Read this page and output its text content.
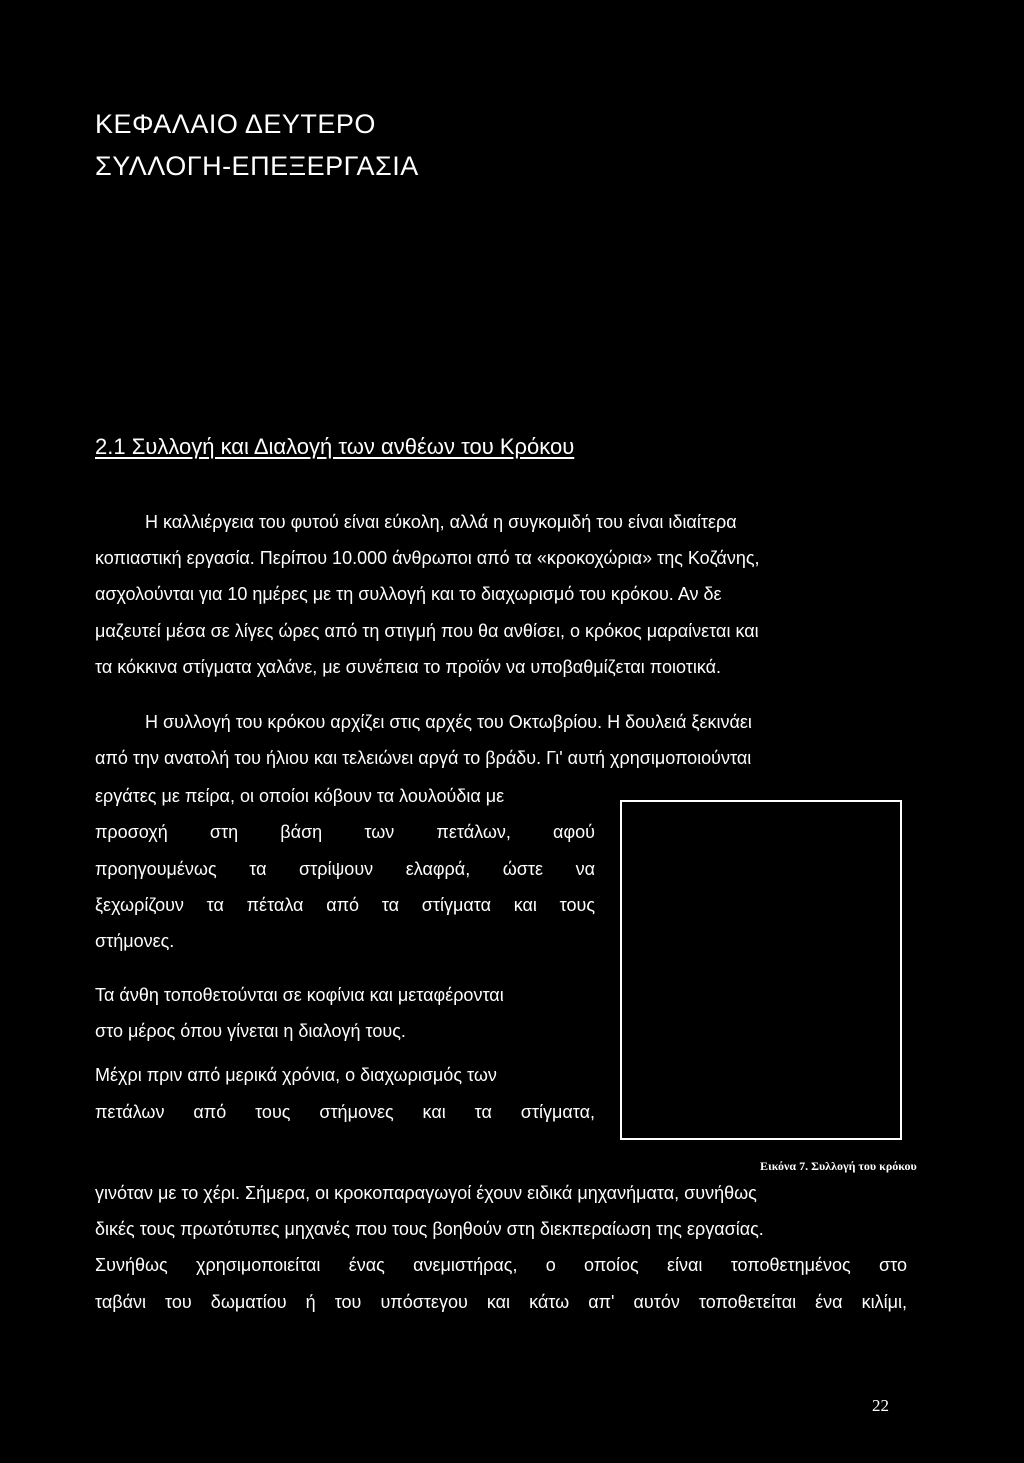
ΚΕΦΑΛΑΙΟ ΔΕΥΤΕΡΟ
ΣΥΛΛΟΓΗ-ΕΠΕΞΕΡΓΑΣΙΑ
2.1 Συλλογή και Διαλογή των ανθέων του Κρόκου
Η καλλιέργεια του φυτού είναι εύκολη, αλλά η συγκομιδή του είναι ιδιαίτερα
κοπιαστική εργασία. Περίπου 10.000 άνθρωποι από τα «κροκοχώρια» της Κοζάνης,
ασχολούνται για 10 ημέρες με τη συλλογή και το διαχωρισμό του κρόκου. Αν δε
μαζευτεί μέσα σε λίγες ώρες από τη στιγμή που θα ανθίσει, ο κρόκος μαραίνεται και
τα κόκκινα στίγματα χαλάνε, με συνέπεια το προϊόν να υποβαθμίζεται ποιοτικά.
Η συλλογή του κρόκου αρχίζει στις αρχές του Οκτωβρίου. Η δουλειά ξεκινάει
από την ανατολή του ήλιου και τελειώνει αργά το βράδυ. Γι' αυτή χρησιμοποιούνται
εργάτες με πείρα, οι οποίοι κόβουν τα λουλούδια με
προσοχή στη βάση των πετάλων, αφού
προηγουμένως τα στρίψουν ελαφρά, ώστε να
ξεχωρίζουν τα πέταλα από τα στίγματα και τους
στήμονες.
Τα άνθη τοποθετούνται σε κοφίνια και μεταφέρονται
στο μέρος όπου γίνεται η διαλογή τους.
Μέχρι πριν από μερικά χρόνια, ο διαχωρισμός των
πετάλων από τους στήμονες και τα στίγματα,
γινόταν με το χέρι. Σήμερα, οι κροκοπαραγωγοί έχουν ειδικά μηχανήματα, συνήθως
δικές τους πρωτότυπες μηχανές που τους βοηθούν στη διεκπεραίωση της εργασίας.
Συνήθως χρησιμοποιείται ένας ανεμιστήρας, ο οποίος είναι τοποθετημένος στο
ταβάνι του δωματίου ή του υπόστεγου και κάτω απ' αυτόν τοποθετείται ένα κιλίμι,
Εικόνα 7. Συλλογή του κρόκου
22
